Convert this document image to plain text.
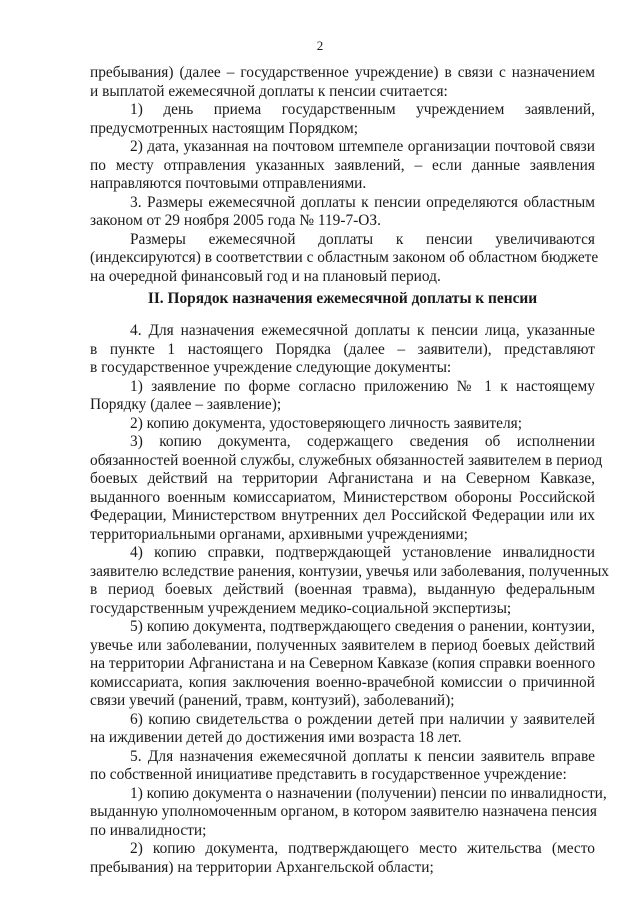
2
пребывания) (далее – государственное учреждение) в связи с назначением
и выплатой ежемесячной доплаты к пенсии считается:
1) день приема государственным учреждением заявлений,
предусмотренных настоящим Порядком;
2) дата, указанная на почтовом штемпеле организации почтовой связи
по месту отправления указанных заявлений, – если данные заявления
направляются почтовыми отправлениями.
3. Размеры ежемесячной доплаты к пенсии определяются областным
законом от 29 ноября 2005 года № 119-7-ОЗ.
Размеры ежемесячной доплаты к пенсии увеличиваются
(индексируются) в соответствии с областным законом об областном бюджете
на очередной финансовый год и на плановый период.
II. Порядок назначения ежемесячной доплаты к пенсии
4. Для назначения ежемесячной доплаты к пенсии лица, указанные
в пункте 1 настоящего Порядка (далее – заявители), представляют
в государственное учреждение следующие документы:
1) заявление по форме согласно приложению № 1 к настоящему
Порядку (далее – заявление);
2) копию документа, удостоверяющего личность заявителя;
3) копию документа, содержащего сведения об исполнении
обязанностей военной службы, служебных обязанностей заявителем в период
боевых действий на территории Афганистана и на Северном Кавказе,
выданного военным комиссариатом, Министерством обороны Российской
Федерации, Министерством внутренних дел Российской Федерации или их
территориальными органами, архивными учреждениями;
4) копию справки, подтверждающей установление инвалидности
заявителю вследствие ранения, контузии, увечья или заболевания, полученных
в период боевых действий (военная травма), выданную федеральным
государственным учреждением медико-социальной экспертизы;
5) копию документа, подтверждающего сведения о ранении, контузии,
увечье или заболевании, полученных заявителем в период боевых действий
на территории Афганистана и на Северном Кавказе (копия справки военного
комиссариата, копия заключения военно-врачебной комиссии о причинной
связи увечий (ранений, травм, контузий), заболеваний);
6) копию свидетельства о рождении детей при наличии у заявителей
на иждивении детей до достижения ими возраста 18 лет.
5. Для назначения ежемесячной доплаты к пенсии заявитель вправе
по собственной инициативе представить в государственное учреждение:
1) копию документа о назначении (получении) пенсии по инвалидности,
выданную уполномоченным органом, в котором заявителю назначена пенсия
по инвалидности;
2) копию документа, подтверждающего место жительства (место
пребывания) на территории Архангельской области;
